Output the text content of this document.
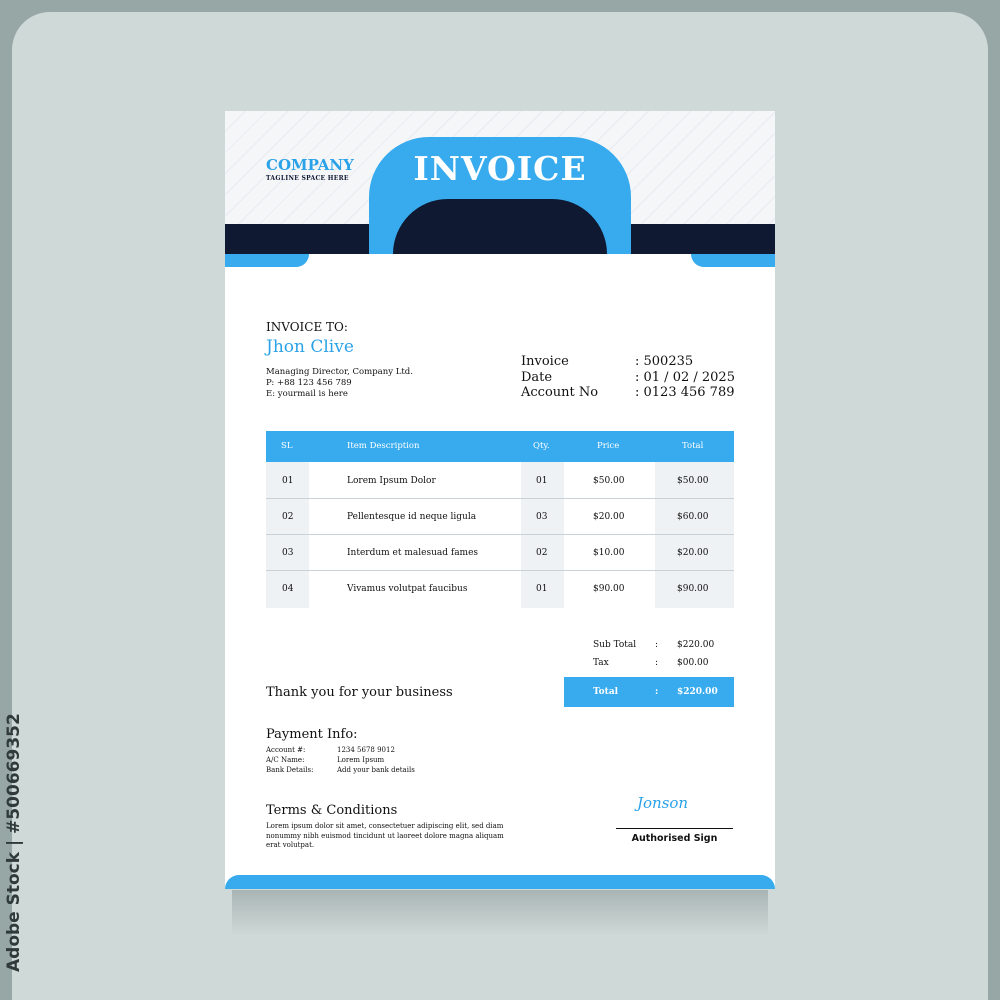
Adobe Stock | #500669352
INVOICE
COMPANY
TAGLINE SPACE HERE
INVOICE TO:
Jhon Clive
Managing Director, Company Ltd.
P: +88 123 456 789
E: yourmail is here
Invoice	: 500235
Date	: 01 / 02 / 2025
Account No	: 0123 456 789
SL	Item Description	Qty.	Price	Total
01	Lorem Ipsum Dolor	01	$50.00	$50.00
02	Pellentesque id neque ligula	03	$20.00	$60.00
03	Interdum et malesuad fames	02	$10.00	$20.00
04	Vivamus volutpat faucibus	01	$90.00	$90.00
Sub Total : $220.00
Tax	: $00.00
Total	: $220.00
Thank you for your business
Payment Info:
Account #:	1234 5678 9012
A/C Name:	Lorem Ipsum
Bank Details:	Add your bank details
Terms & Conditions
Lorem ipsum dolor sit amet, consectetuer adipiscing elit, sed diam nonummy nibh euismod tincidunt ut laoreet dolore magna aliquam erat volutpat.
Jonson
Authorised Sign
